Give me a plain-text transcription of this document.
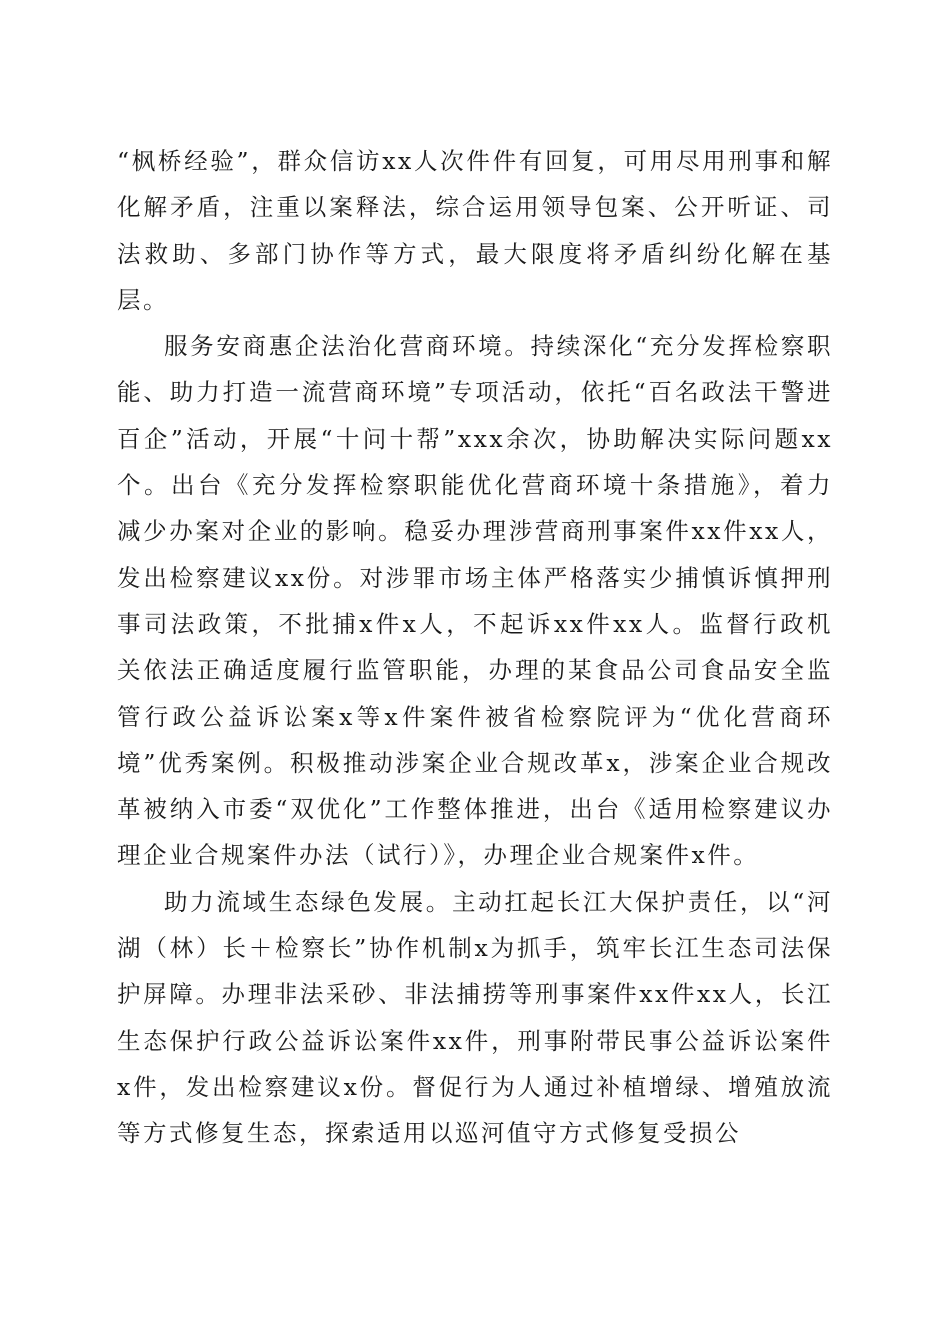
“枫桥经验”，群众信访xx人次件件有回复，可用尽用刑事和解化解矛盾，注重以案释法，综合运用领导包案、公开听证、司法救助、多部门协作等方式，最大限度将矛盾纠纷化解在基层。

服务安商惠企法治化营商环境。持续深化“充分发挥检察职能、助力打造一流营商环境”专项活动，依托“百名政法干警进百企”活动，开展“十问十帮”xxx余次，协助解决实际问题xx个。出台《充分发挥检察职能优化营商环境十条措施》，着力减少办案对企业的影响。稳妥办理涉营商刑事案件xx件xx人，发出检察建议xx份。对涉罪市场主体严格落实少捕慎诉慎押刑事司法政策，不批捕x件x人，不起诉xx件xx人。监督行政机关依法正确适度履行监管职能，办理的某食品公司食品安全监管行政公益诉讼案x等x件案件被省检察院评为“优化营商环境”优秀案例。积极推动涉案企业合规改革x，涉案企业合规改革被纳入市委“双优化”工作整体推进，出台《适用检察建议办理企业合规案件办法（试行）》，办理企业合规案件x件。

助力流域生态绿色发展。主动扛起长江大保护责任，以“河湖（林）长＋检察长”协作机制x为抓手，筑牢长江生态司法保护屏障。办理非法采砂、非法捕捞等刑事案件xx件xx人，长江生态保护行政公益诉讼案件xx件，刑事附带民事公益诉讼案件x件，发出检察建议x份。督促行为人通过补植增绿、增殖放流等方式修复生态，探索适用以巡河值守方式修复受损公
